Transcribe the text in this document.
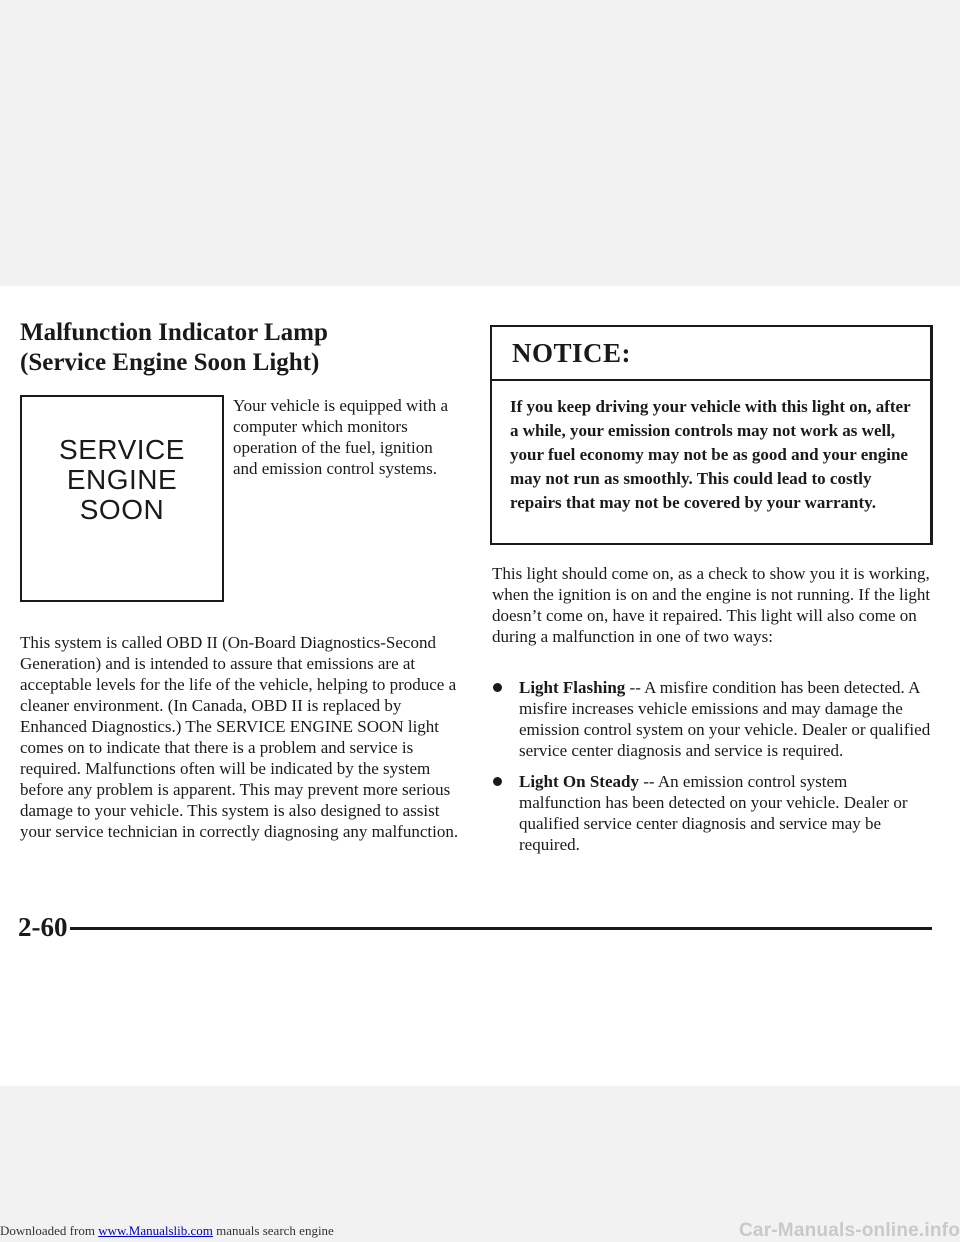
Malfunction Indicator Lamp
(Service Engine Soon Light)
SERVICE
ENGINE
SOON

Your vehicle is equipped with a computer which monitors operation of the fuel, ignition and emission control systems.

This system is called OBD II (On-Board Diagnostics-Second Generation) and is intended to assure that emissions are at acceptable levels for the life of the vehicle, helping to produce a cleaner environment. (In Canada, OBD II is replaced by Enhanced Diagnostics.) The SERVICE ENGINE SOON light comes on to indicate that there is a problem and service is required. Malfunctions often will be indicated by the system before any problem is apparent. This may prevent more serious damage to your vehicle. This system is also designed to assist your service technician in correctly diagnosing any malfunction.

NOTICE:

If you keep driving your vehicle with this light on, after a while, your emission controls may not work as well, your fuel economy may not be as good and your engine may not run as smoothly. This could lead to costly repairs that may not be covered by your warranty.

This light should come on, as a check to show you it is working, when the ignition is on and the engine is not running. If the light doesn’t come on, have it repaired. This light will also come on during a malfunction in one of two ways:

Light Flashing -- A misfire condition has been detected. A misfire increases vehicle emissions and may damage the emission control system on your vehicle. Dealer or qualified service center diagnosis and service is required.
Light On Steady -- An emission control system malfunction has been detected on your vehicle. Dealer or qualified service center diagnosis and service may be required.

2-60

Downloaded from www.Manualslib.com manuals search engine	Car-Manuals-online.info
